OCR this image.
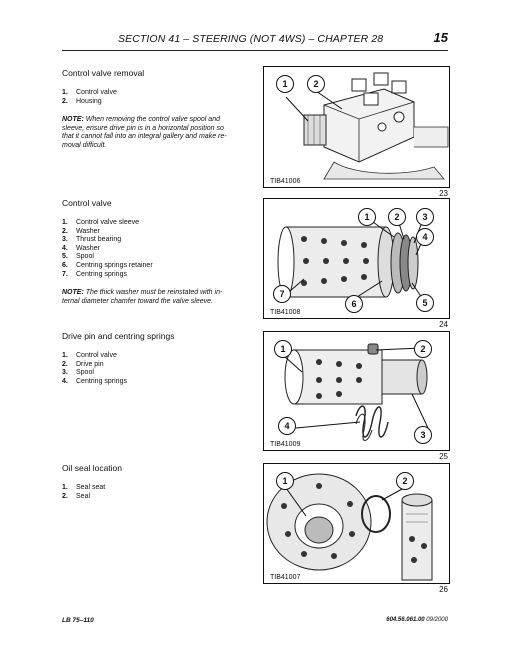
SECTION 41 – STEERING (NOT 4WS) – CHAPTER 28	15
Control valve removal
1. Control valve
2. Housing
NOTE: When removing the control valve spool and
sleeve, ensure drive pin is in a horizontal position so
that it cannot fall into an integral gallery and make re-
moval difficult.
Control valve
1. Control valve sleeve
2. Washer
3. Thrust bearing
4. Washer
5. Spool
6. Centring springs retainer
7. Centring springs
NOTE: The thick washer must be reinstated with in-
ternal diameter chamfer toward the valve sleeve.
Drive pin and centring springs
1. Control valve
2. Drive pin
3. Spool
4. Centring springs
Oil seal location
1. Seal seat
2. Seal
1	2
TIB41006
23
1	2	3
4
5
6
7
TIB41008
24
1	2
3
4
TIB41009
25
1	2
TIB41007
26
LB 75–110	604.56.061.00 09/2000
